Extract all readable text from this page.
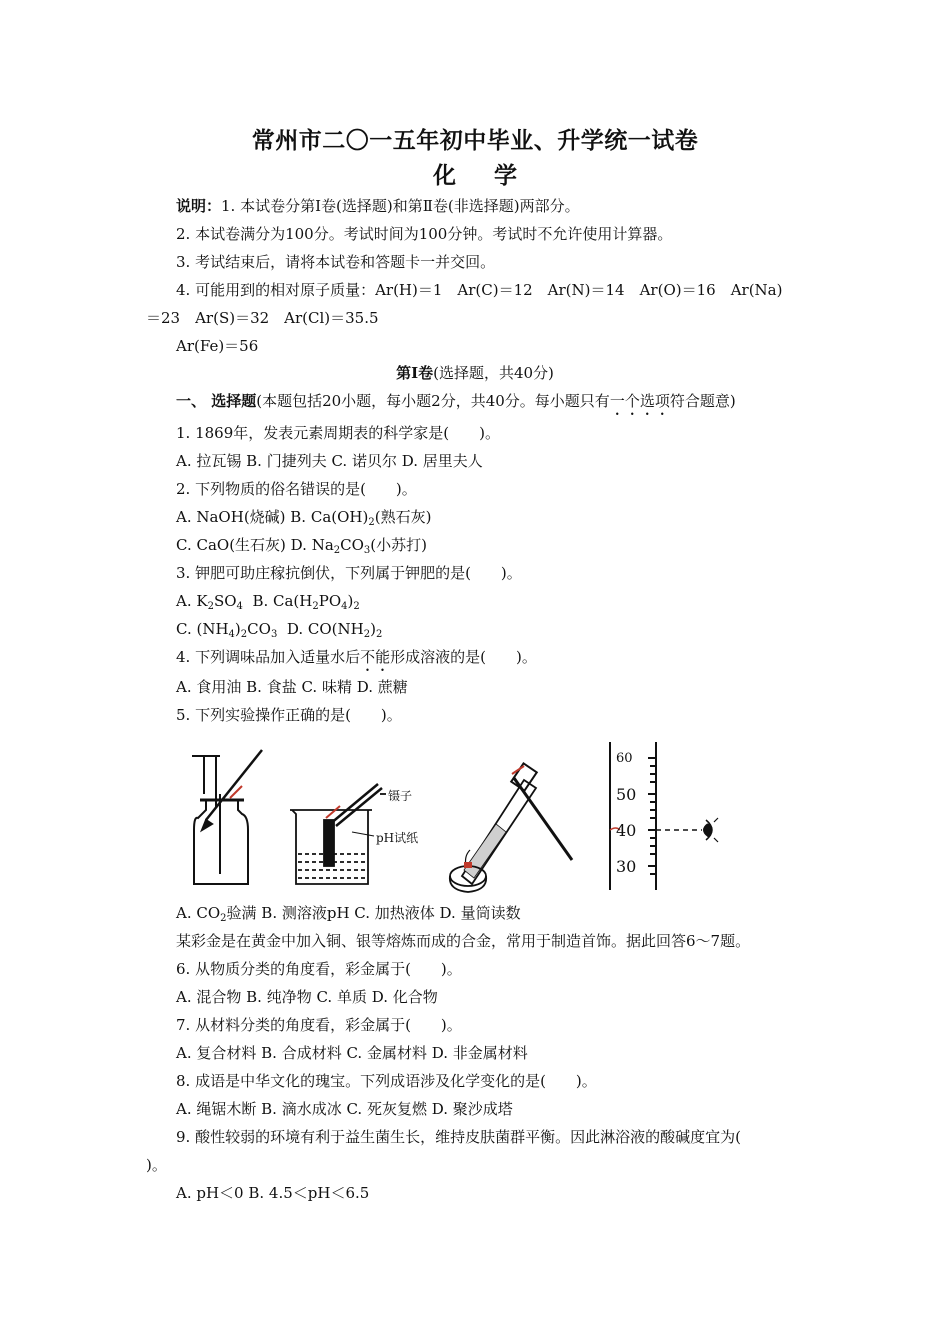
常州市二〇一五年初中毕业、升学统一试卷
化学
说明：1. 本试卷分第Ⅰ卷(选择题)和第Ⅱ卷(非选择题)两部分。
2. 本试卷满分为100分。考试时间为100分钟。考试时不允许使用计算器。
3. 考试结束后，请将本试卷和答题卡一并交回。
4. 可能用到的相对原子质量：Ar(H)＝1　Ar(C)＝12　Ar(N)＝14　Ar(O)＝16　Ar(Na)
＝23　Ar(S)＝32　Ar(Cl)＝35.5
Ar(Fe)＝56
第Ⅰ卷(选择题，共40分)
一、 选择题(本题包括20小题，每小题2分，共40分。每小题只有一个选项符合题意)
1. 1869年，发表元素周期表的科学家是(　　)。
A. 拉瓦锡 B. 门捷列夫 C. 诺贝尔 D. 居里夫人
2. 下列物质的俗名错误的是(　　)。
A. NaOH(烧碱) B. $Ca(OH)_2$(熟石灰)
C. CaO(生石灰) D. $Na_2CO_3$(小苏打)
3. 钾肥可助庄稼抗倒伏，下列属于钾肥的是(　　)。
A. $K_2SO_4$  B. $Ca(H_2PO_4)_2$
C. $(NH_4)_2CO_3$  D. $CO(NH_2)_2$
4. 下列调味品加入适量水后不能形成溶液的是(　　)。
A. 食用油 B. 食盐 C. 味精 D. 蔗糖
5. 下列实验操作正确的是(　　)。
镊子
pH试纸
60
50
40
30
A. $CO_2$验满 B. 测溶液pH C. 加热液体 D. 量筒读数
某彩金是在黄金中加入铜、银等熔炼而成的合金，常用于制造首饰。据此回答6～7题。
6. 从物质分类的角度看，彩金属于(　　)。
A. 混合物 B. 纯净物 C. 单质 D. 化合物
7. 从材料分类的角度看，彩金属于(　　)。
A. 复合材料 B. 合成材料 C. 金属材料 D. 非金属材料
8. 成语是中华文化的瑰宝。下列成语涉及化学变化的是(　　)。
A. 绳锯木断 B. 滴水成冰 C. 死灰复燃 D. 聚沙成塔
9. 酸性较弱的环境有利于益生菌生长，维持皮肤菌群平衡。因此淋浴液的酸碱度宜为(
)。
A. pH＜0 B. 4.5＜pH＜6.5
